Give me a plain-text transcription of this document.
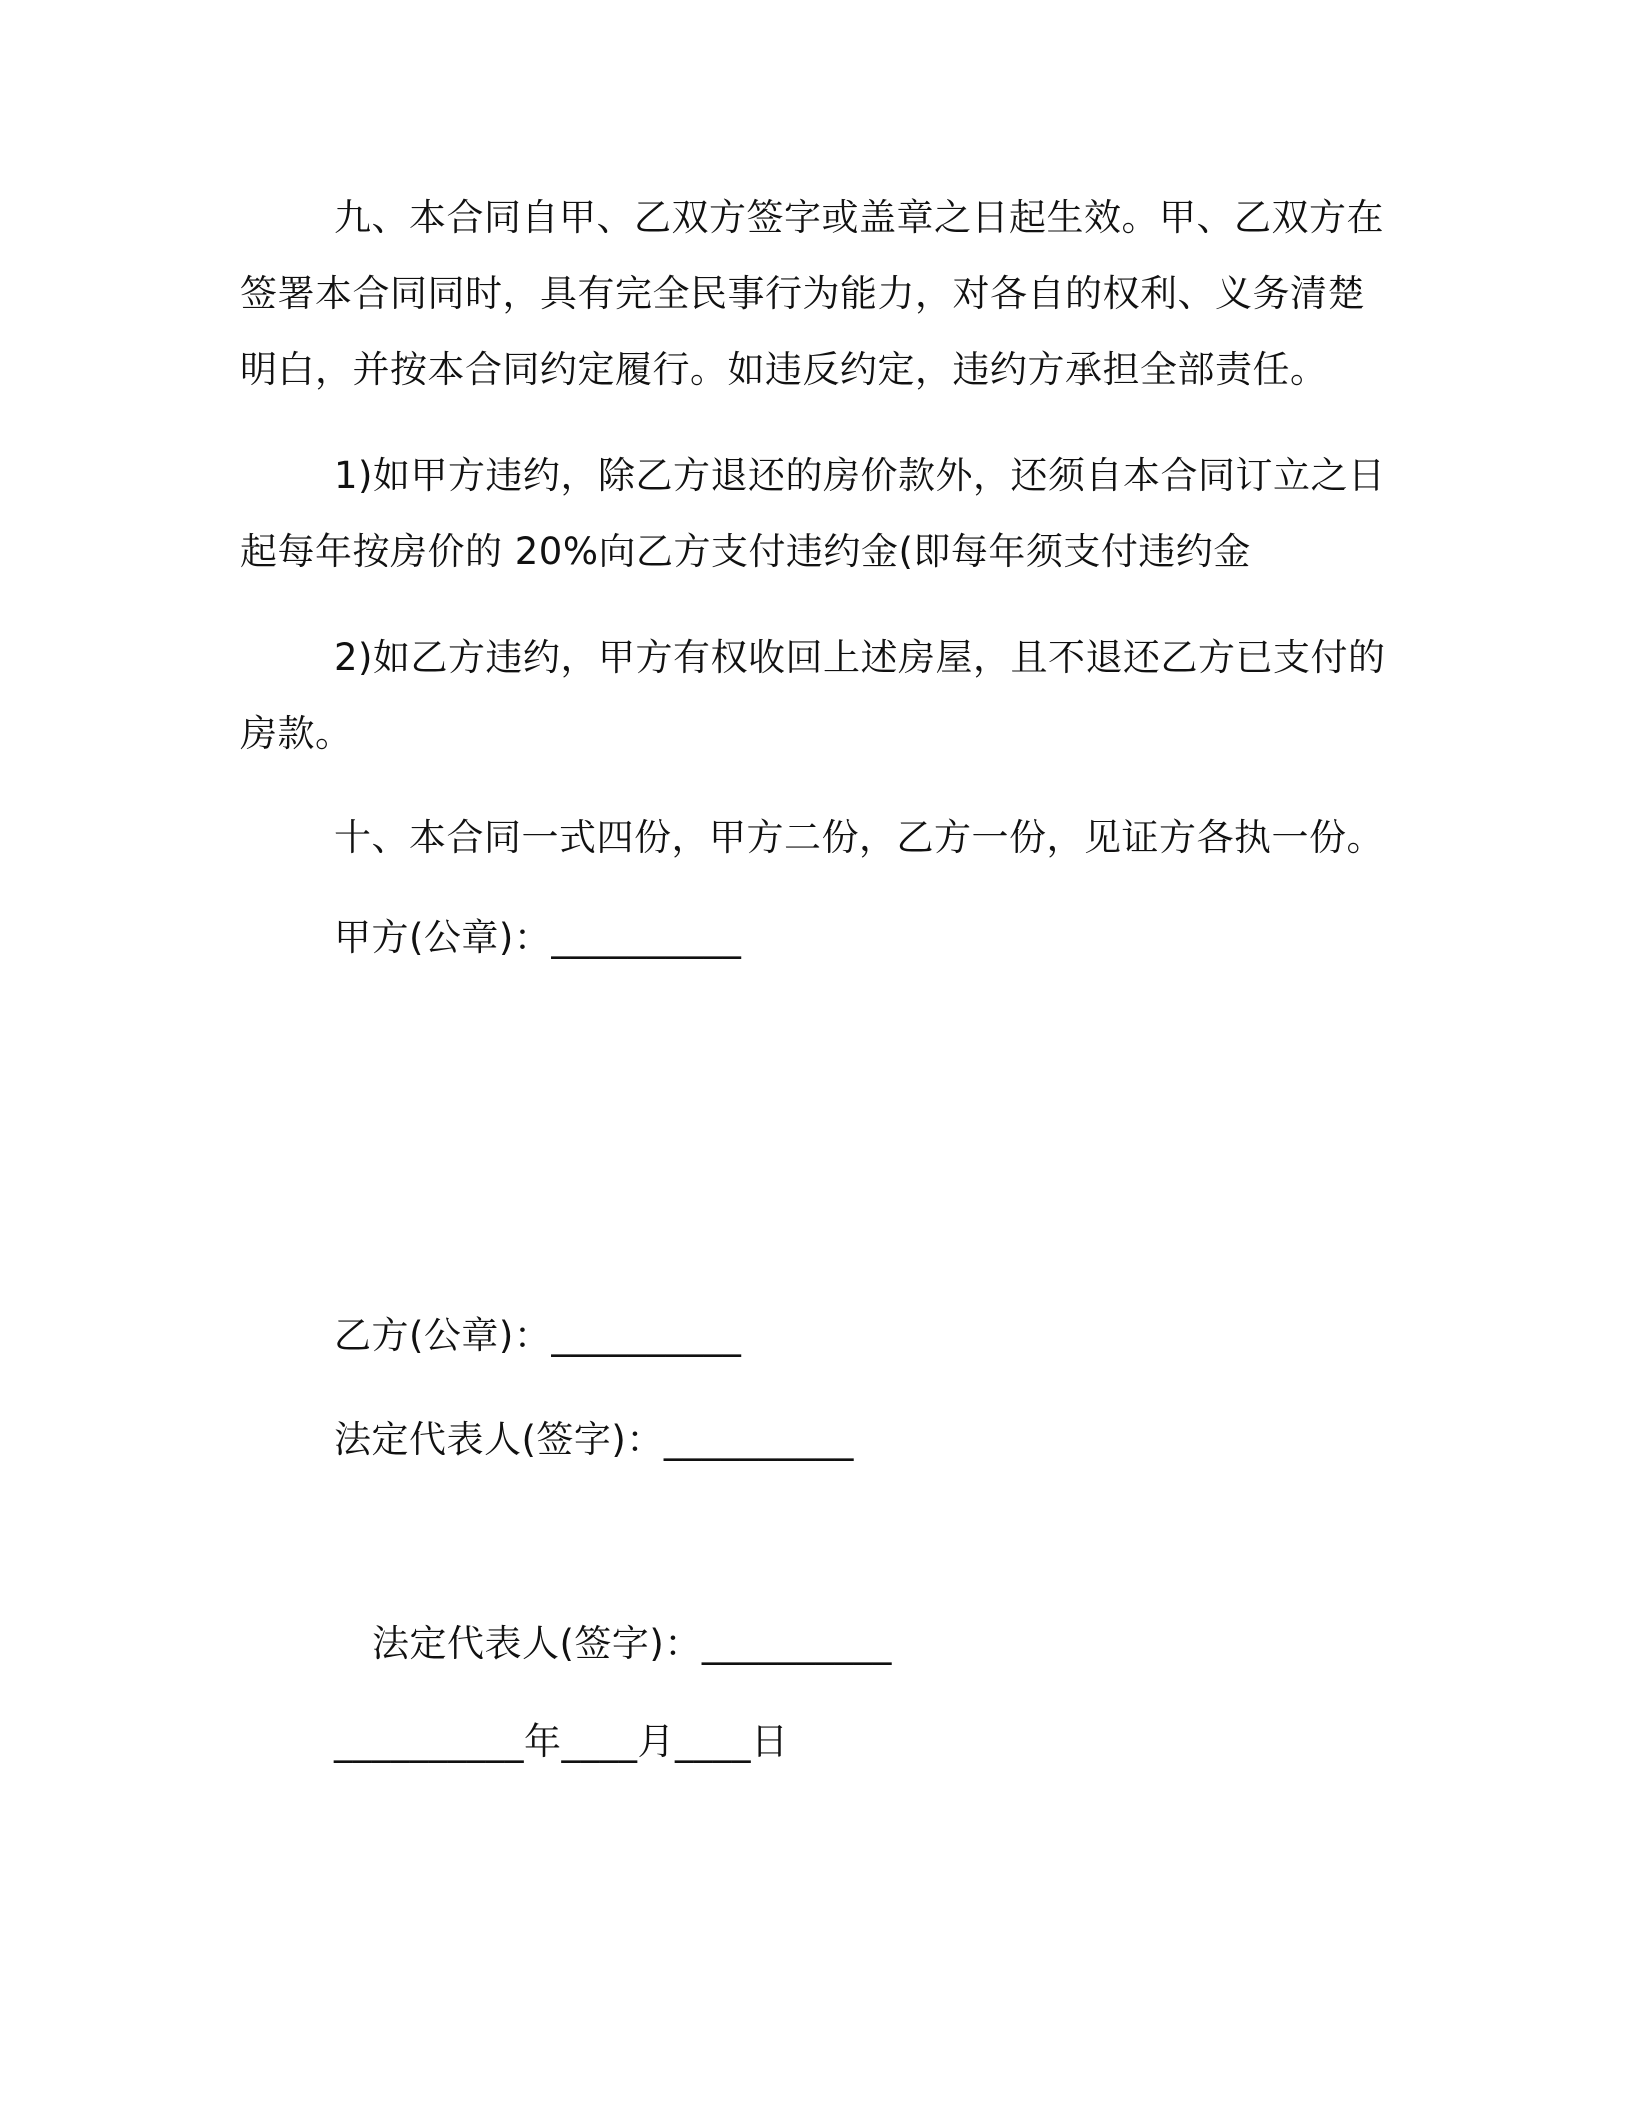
九、本合同自甲、乙双方签字或盖章之日起生效。甲、乙双方在
签署本合同同时，具有完全民事行为能力，对各自的权利、义务清楚
明白，并按本合同约定履行。如违反约定，违约方承担全部责任。
1)如甲方违约，除乙方退还的房价款外，还须自本合同订立之日
起每年按房价的 20%向乙方支付违约金(即每年须支付违约金
2)如乙方违约，甲方有权收回上述房屋，且不退还乙方已支付的
房款。
十、本合同一式四份，甲方二份，乙方一份，见证方各执一份。
甲方(公章)：__________
乙方(公章)：__________
法定代表人(签字)：__________
法定代表人(签字)：__________
__________年____月____日
